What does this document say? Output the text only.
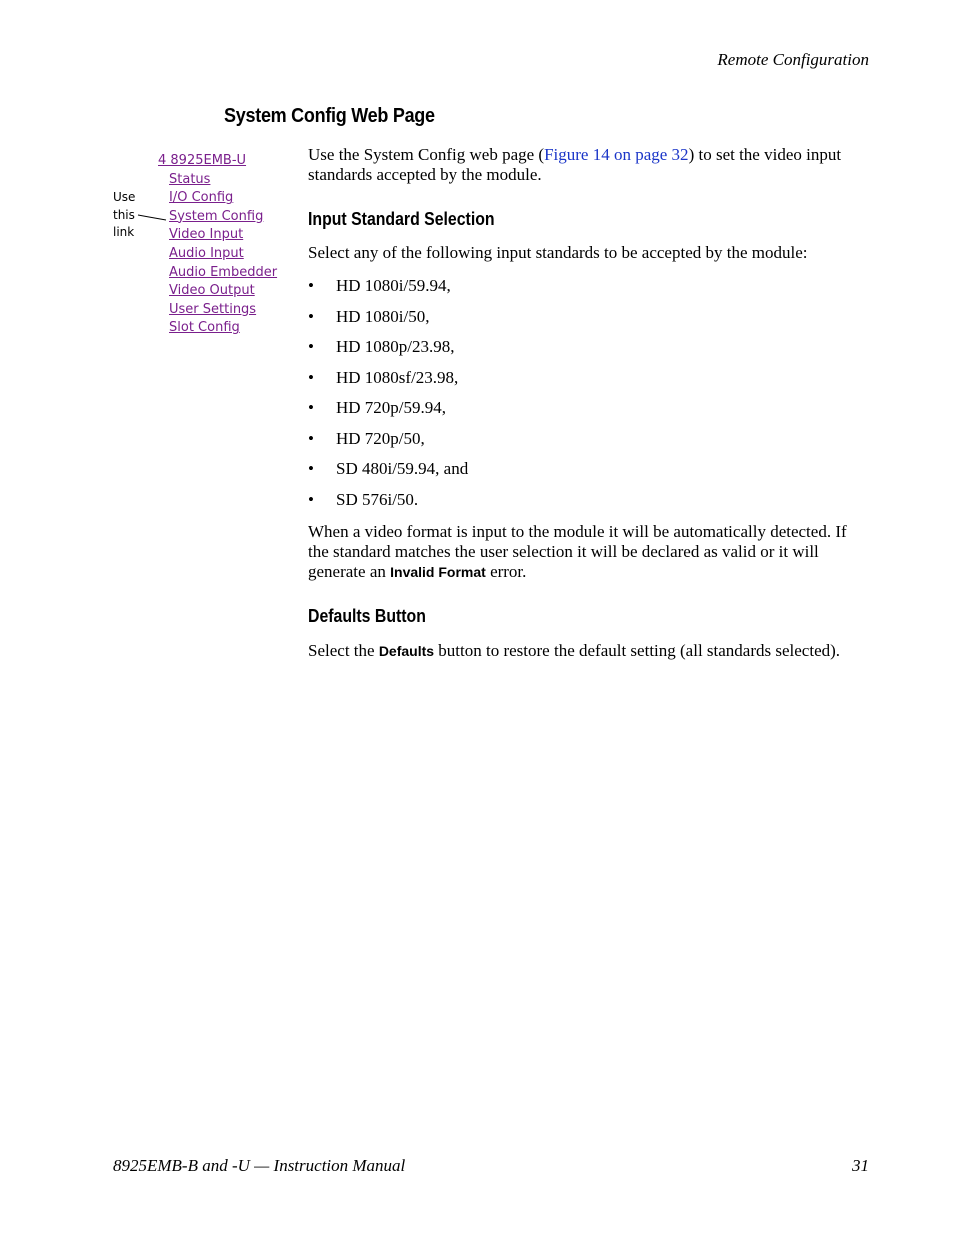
Remote Configuration
System Config Web Page
4 8925EMB-U
Status
I/O Config
System Config
Video Input
Audio Input
Audio Embedder
Video Output
User Settings
Slot Config
Use
this
link

Use the System Config web page (Figure 14 on page 32) to set the video input standards accepted by the module.

Input Standard Selection

Select any of the following input standards to be accepted by the module:

• HD 1080i/59.94,
• HD 1080i/50,
• HD 1080p/23.98,
• HD 1080sf/23.98,
• HD 720p/59.94,
• HD 720p/50,
• SD 480i/59.94, and
• SD 576i/50.

When a video format is input to the module it will be automatically detected. If the standard matches the user selection it will be declared as valid or it will generate an Invalid Format error.

Defaults Button

Select the Defaults button to restore the default setting (all standards selected).

8925EMB-B and -U — Instruction Manual	31
